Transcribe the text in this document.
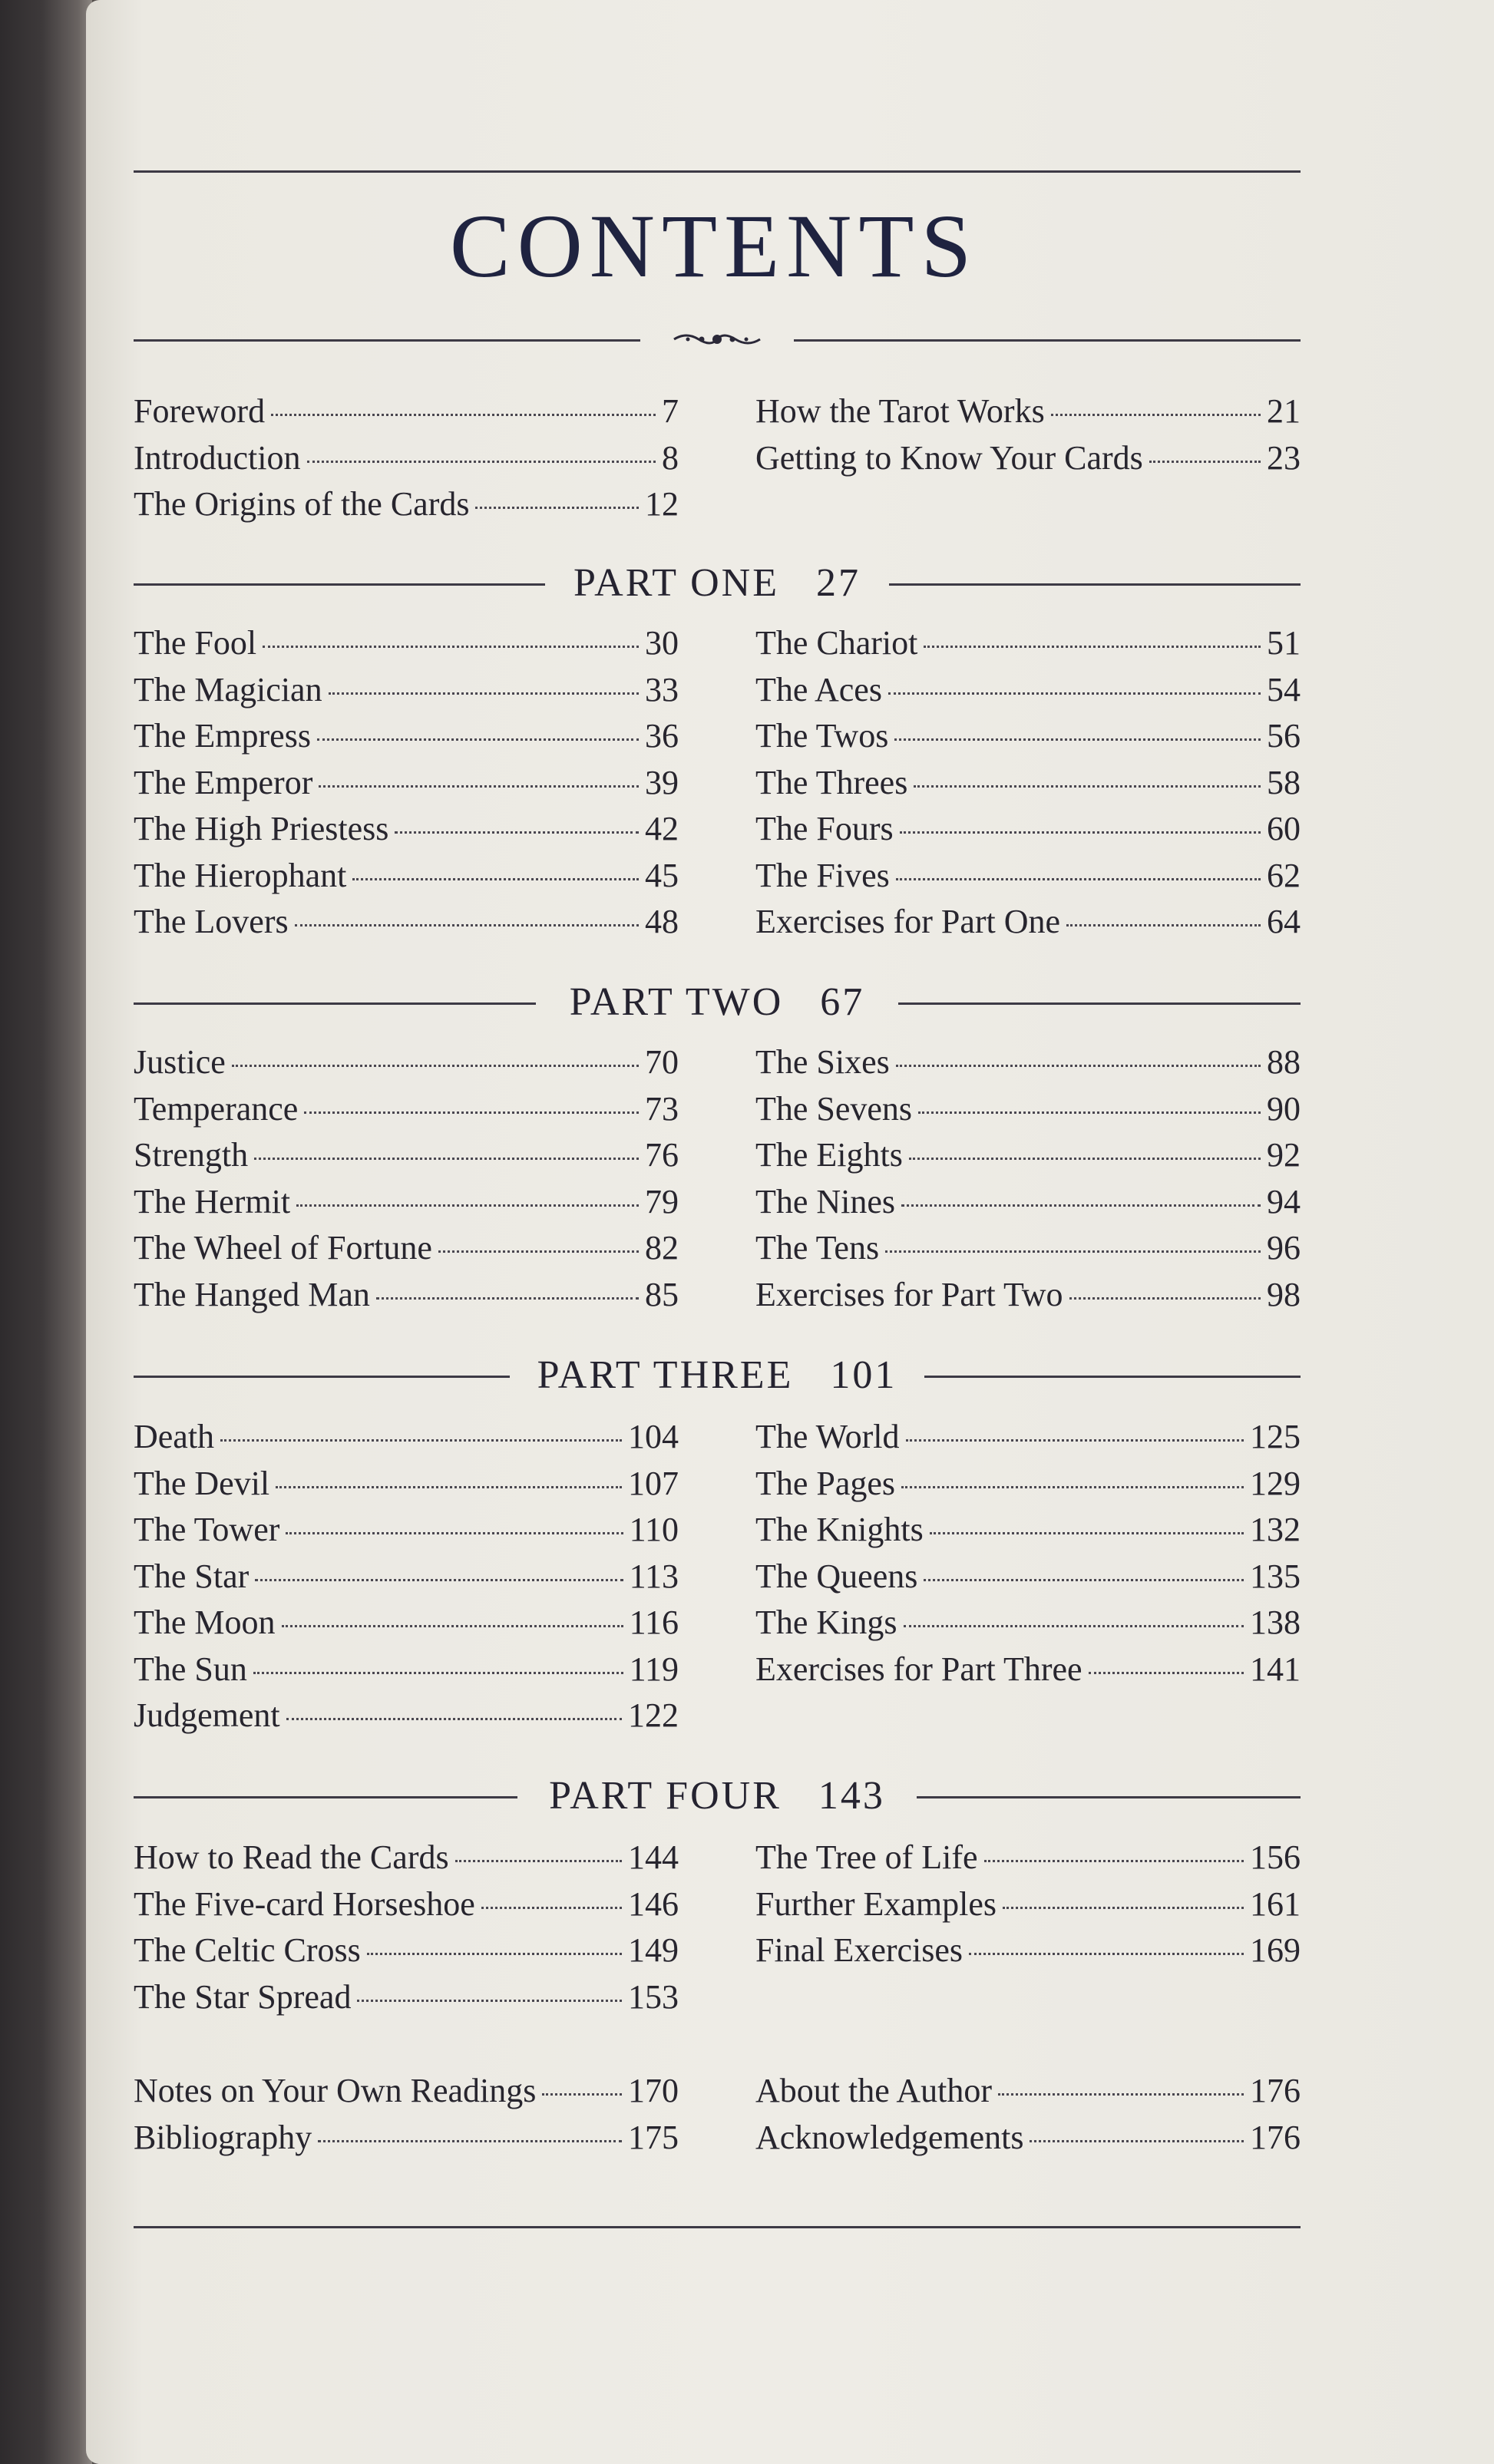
CONTENTS
Foreword	7
Introduction	8
The Origins of the Cards	12
How the Tarot Works	21
Getting to Know Your Cards	23
PART ONE   27
The Fool	30
The Magician	33
The Empress	36
The Emperor	39
The High Priestess	42
The Hierophant	45
The Lovers	48
The Chariot	51
The Aces	54
The Twos	56
The Threes	58
The Fours	60
The Fives	62
Exercises for Part One	64
PART TWO   67
Justice	70
Temperance	73
Strength	76
The Hermit	79
The Wheel of Fortune	82
The Hanged Man	85
The Sixes	88
The Sevens	90
The Eights	92
The Nines	94
The Tens	96
Exercises for Part Two	98
PART THREE   101
Death	104
The Devil	107
The Tower	110
The Star	113
The Moon	116
The Sun	119
Judgement	122
The World	125
The Pages	129
The Knights	132
The Queens	135
The Kings	138
Exercises for Part Three	141
PART FOUR   143
How to Read the Cards	144
The Five-card Horseshoe	146
The Celtic Cross	149
The Star Spread	153
The Tree of Life	156
Further Examples	161
Final Exercises	169
Notes on Your Own Readings	170
Bibliography	175
About the Author	176
Acknowledgements	176
